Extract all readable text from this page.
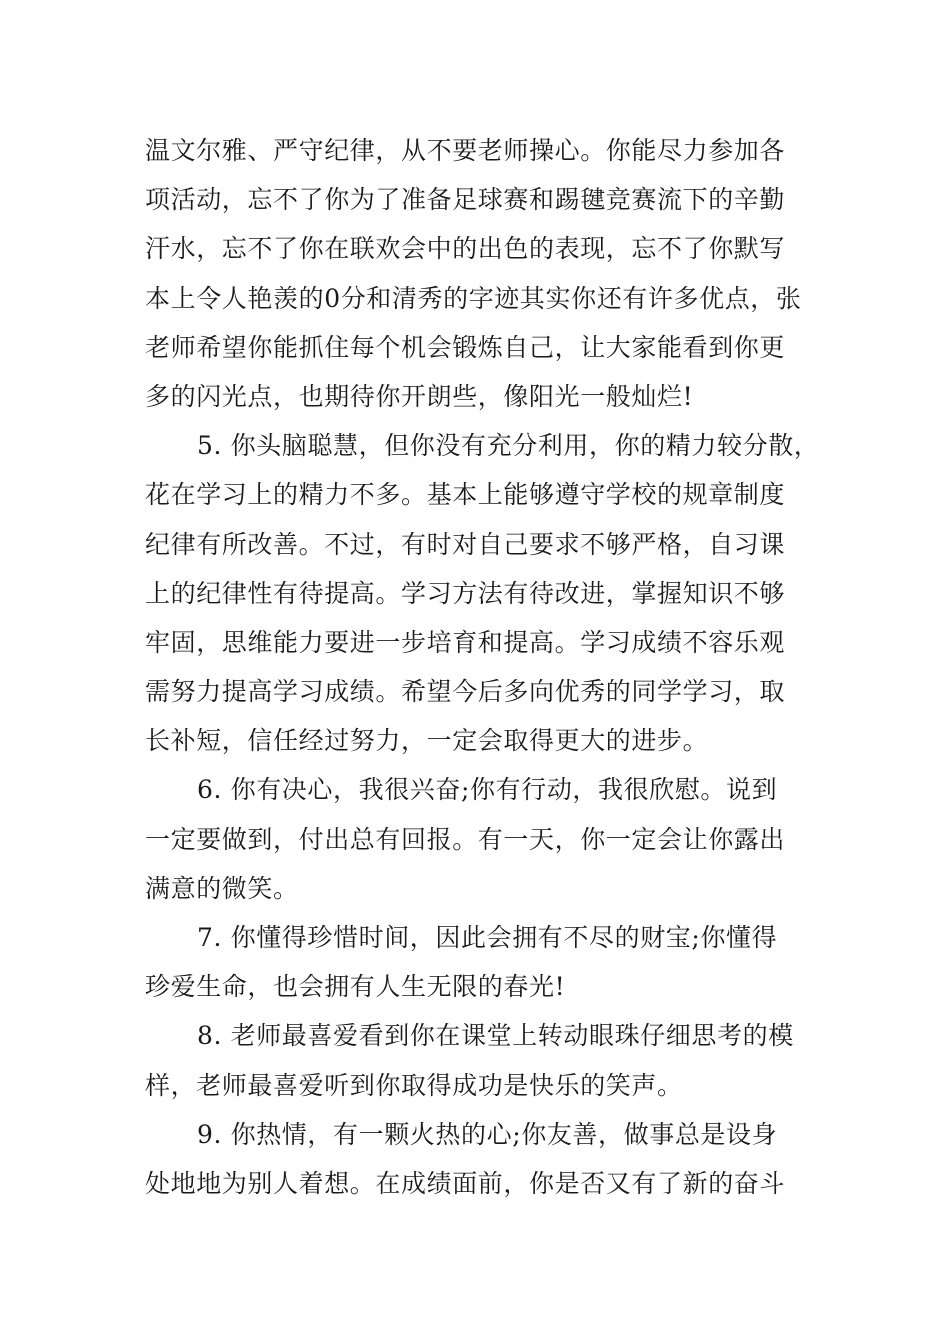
温文尔雅、严守纪律，从不要老师操心。你能尽力参加各
项活动，忘不了你为了准备足球赛和踢毽竞赛流下的辛勤
汗水，忘不了你在联欢会中的出色的表现，忘不了你默写
本上令人艳羡的0分和清秀的字迹其实你还有许多优点，张
老师希望你能抓住每个机会锻炼自己，让大家能看到你更
多的闪光点，也期待你开朗些，像阳光一般灿烂!
5. 你头脑聪慧，但你没有充分利用，你的精力较分散，
花在学习上的精力不多。基本上能够遵守学校的规章制度
纪律有所改善。不过，有时对自己要求不够严格，自习课
上的纪律性有待提高。学习方法有待改进，掌握知识不够
牢固，思维能力要进一步培育和提高。学习成绩不容乐观
需努力提高学习成绩。希望今后多向优秀的同学学习，取
长补短，信任经过努力，一定会取得更大的进步。
6. 你有决心，我很兴奋;你有行动，我很欣慰。说到
一定要做到，付出总有回报。有一天，你一定会让你露出
满意的微笑。
7. 你懂得珍惜时间，因此会拥有不尽的财宝;你懂得
珍爱生命，也会拥有人生无限的春光!
8. 老师最喜爱看到你在课堂上转动眼珠仔细思考的模
样，老师最喜爱听到你取得成功是快乐的笑声。
9. 你热情，有一颗火热的心;你友善，做事总是设身
处地地为别人着想。在成绩面前，你是否又有了新的奋斗
